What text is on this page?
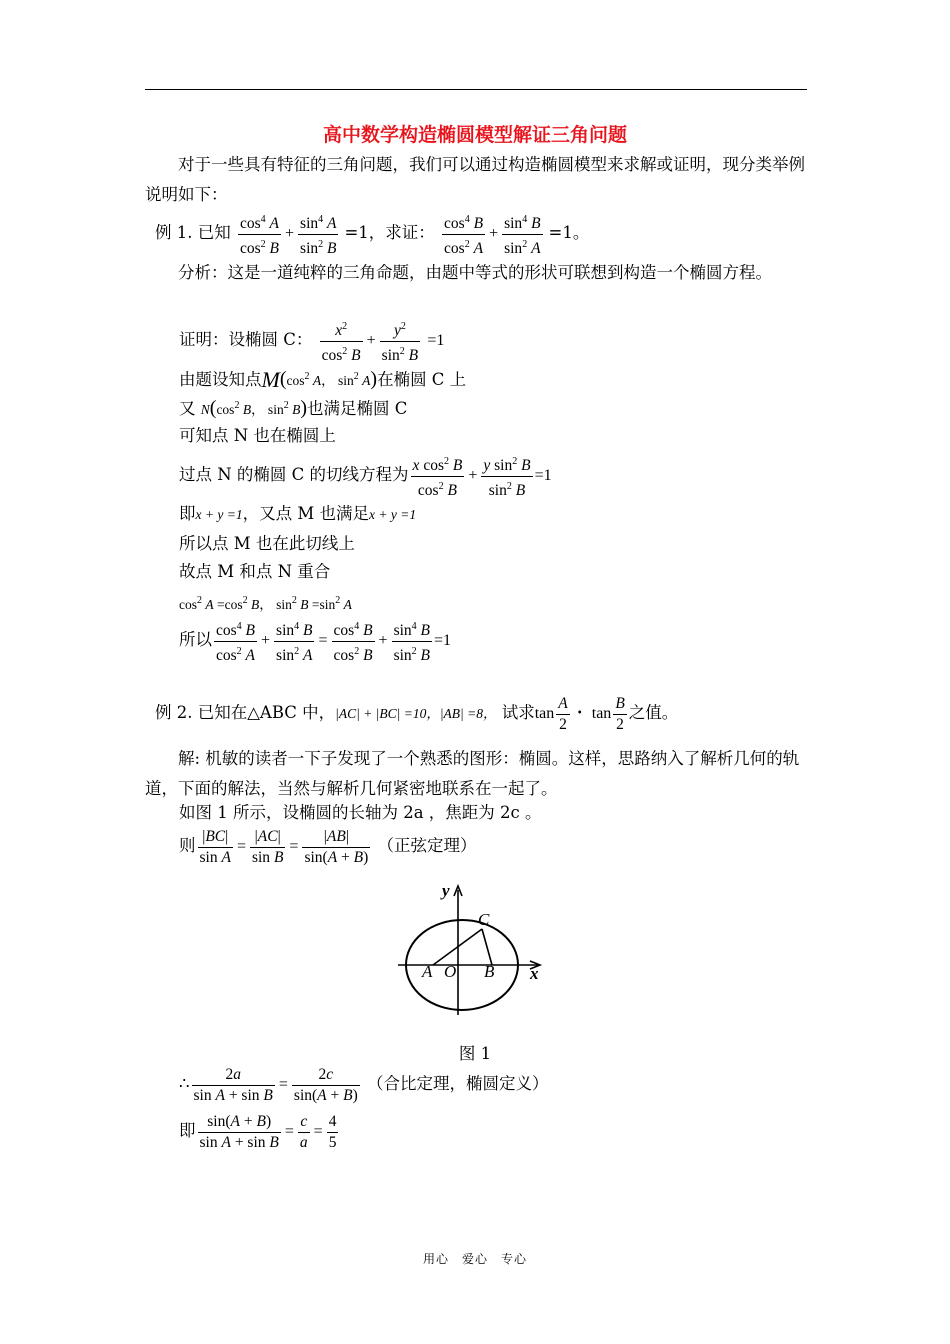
高中数学构造椭圆模型解证三角问题
对于一些具有特征的三角问题，我们可以通过构造椭圆模型来求解或证明，现分类举例说明如下：
例 1. 已知 $\frac{\cos^4 A}{\cos^2 B} + \frac{\sin^4 A}{\sin^2 B} =1$，求证： $\frac{\cos^4 B}{\cos^2 A} + \frac{\sin^4 B}{\sin^2 A} =1$。
分析：这是一道纯粹的三角命题，由题中等式的形状可联想到构造一个椭圆方程。
证明：设椭圆 C： $\frac{x^2}{\cos^2 B} + \frac{y^2}{\sin^2 B} =1$
由题设知点$M(\cos^2$ A， $\sin^2 A$)在椭圆 C 上
又 $N(\cos^2$ B， $\sin^2 B$)也满足椭圆 C
可知点 N 也在椭圆上
过点 N 的椭圆 C 的切线方程为 $\frac{x \cos^2 B}{\cos^2 B} + \frac{y \sin^2 B}{\sin^2 B} =1$
即x + y =1，又点 M 也满足x + y =1
所以点 M 也在此切线上
故点 M 和点 N 重合
$\cos^2 A =\cos^2$ B， $\sin^2 B =\sin^2$ A
所以 $\frac{\cos^4 B}{\cos^2 A} + \frac{\sin^4 B}{\sin^2 A} = \frac{\cos^4 B}{\cos^2 B} + \frac{\sin^4 B}{\sin^2 B} =1$
例 2. 已知在△ABC 中，|AC| + |BC| =10，|AB| =8， 试求$\tan \frac{A}{2}$ ・ $\tan \frac{B}{2}$ 之值。
解: 机敏的读者一下子发现了一个熟悉的图形：椭圆。这样，思路纳入了解析几何的轨道，下面的解法，当然与解析几何紧密地联系在一起了。
如图 1 所示，设椭圆的长轴为 2a ，焦距为 2c 。
则 $\frac{|BC|}{\text{sin A}} = \frac{|AC|}{\text{sin B}} = \frac{|AB|}{\sin(A + B)}$ （正弦定理）
y
x
C
A O B
图 1
∴ $\frac{2a}{\text{sin A + sin B}} = \frac{2c}{\sin(A + B)}$ （合比定理，椭圆定义）
即 $\frac{\sin(A + B)}{\text{sin A + sin B}} = \frac{c}{a} = \frac{4}{5}$
用心　爱心　专心
